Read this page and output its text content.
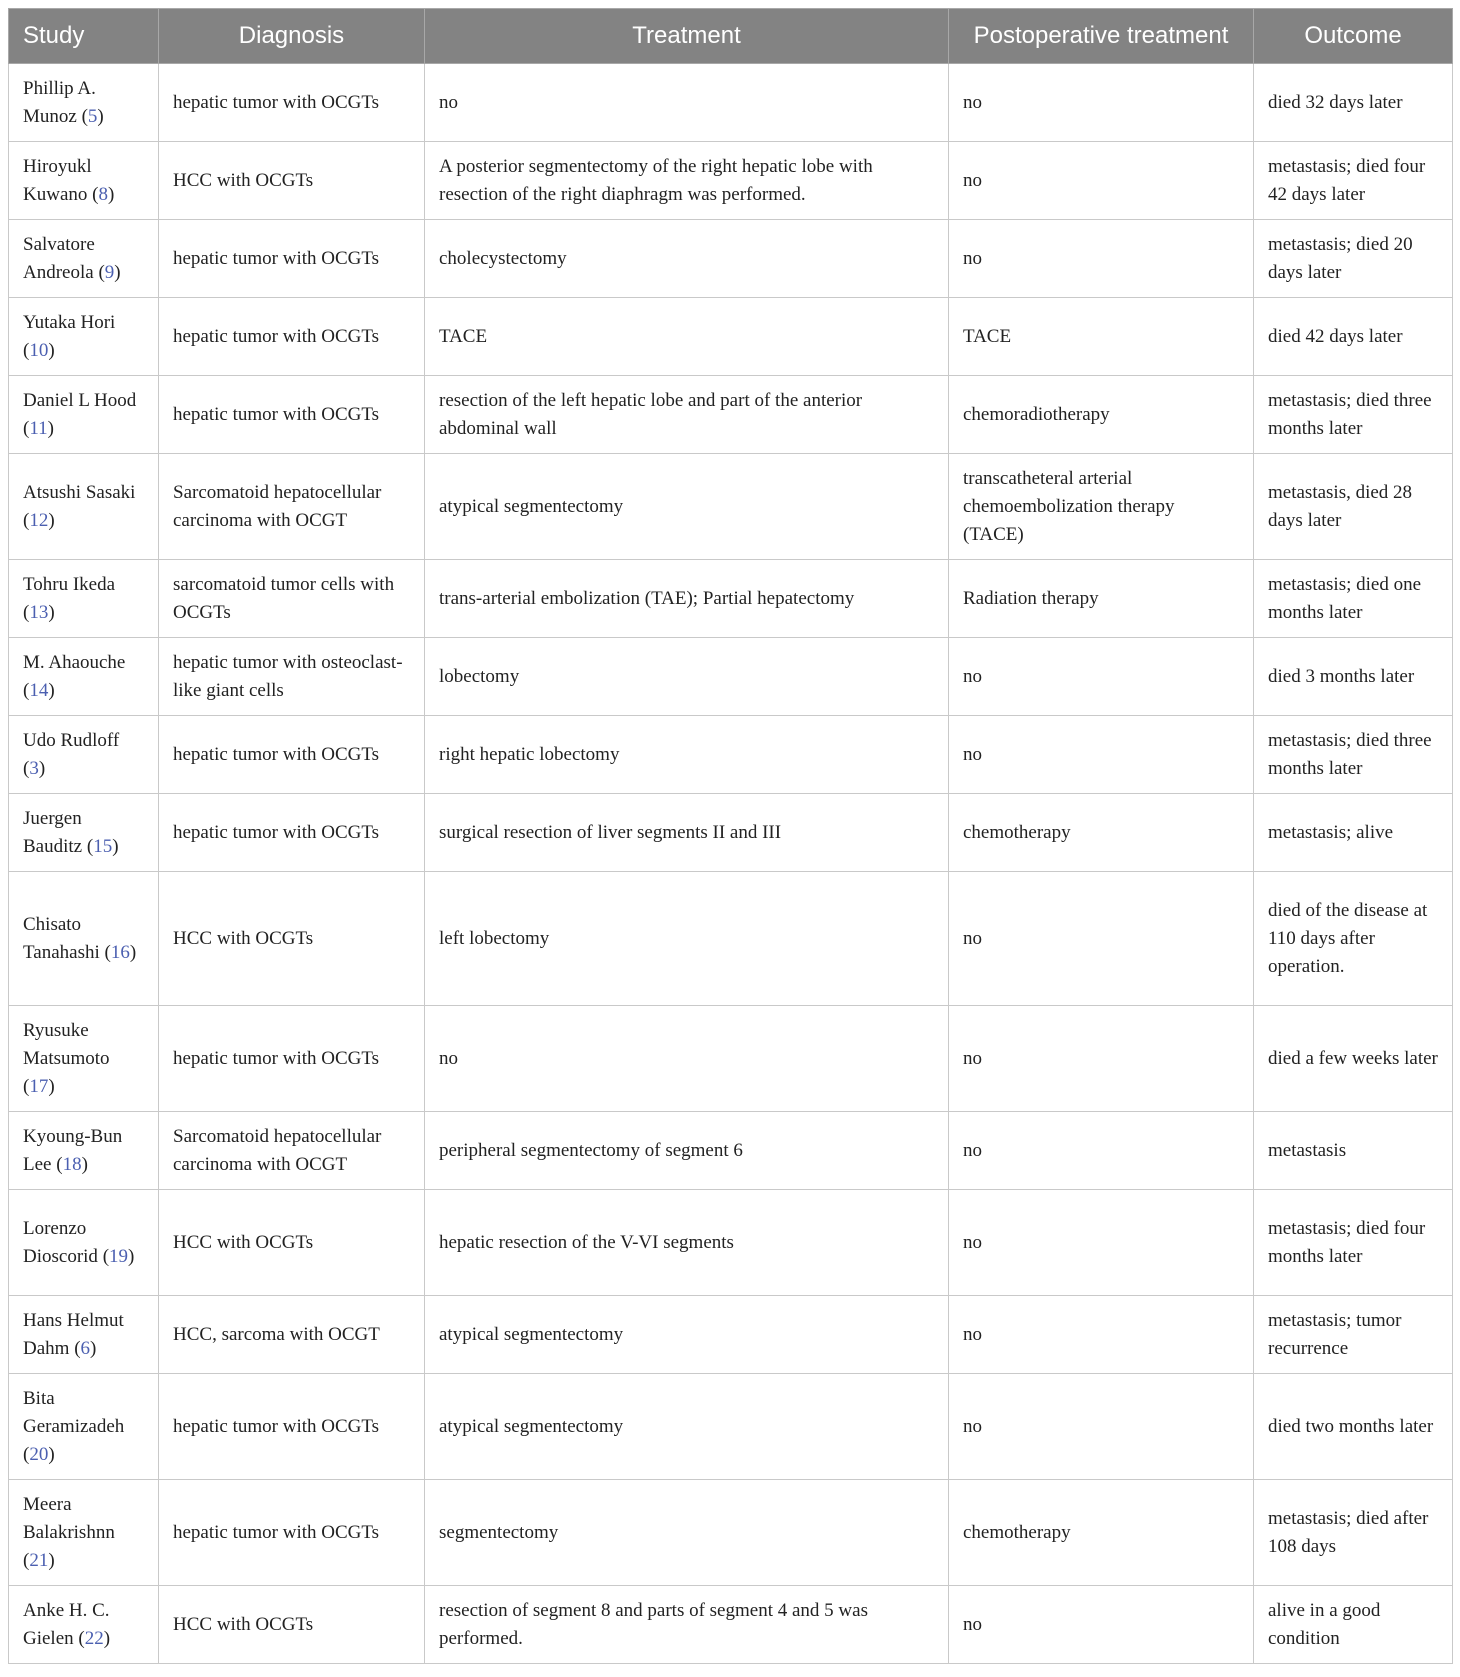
Study	Diagnosis	Treatment	Postoperative treatment	Outcome
Phillip A. Munoz (5)	hepatic tumor with OCGTs	no	no	died 32 days later
Hiroyukl Kuwano (8)	HCC with OCGTs	A posterior segmentectomy of the right hepatic lobe with resection of the right diaphragm was performed.	no	metastasis; died four 42 days later
Salvatore Andreola (9)	hepatic tumor with OCGTs	cholecystectomy	no	metastasis; died 20 days later
Yutaka Hori (10)	hepatic tumor with OCGTs	TACE	TACE	died 42 days later
Daniel L Hood (11)	hepatic tumor with OCGTs	resection of the left hepatic lobe and part of the anterior abdominal wall	chemoradiotherapy	metastasis; died three months later
Atsushi Sasaki (12)	Sarcomatoid hepatocellular carcinoma with OCGT	atypical segmentectomy	transcatheteral arterial chemoembolization therapy (TACE)	metastasis, died 28 days later
Tohru Ikeda (13)	sarcomatoid tumor cells with OCGTs	trans-arterial embolization (TAE); Partial hepatectomy	Radiation therapy	metastasis; died one months later
M. Ahaouche (14)	hepatic tumor with osteoclast-like giant cells	lobectomy	no	died 3 months later
Udo Rudloff (3)	hepatic tumor with OCGTs	right hepatic lobectomy	no	metastasis; died three months later
Juergen Bauditz (15)	hepatic tumor with OCGTs	surgical resection of liver segments II and III	chemotherapy	metastasis; alive
Chisato Tanahashi (16)	HCC with OCGTs	left lobectomy	no	died of the disease at 110 days after operation.
Ryusuke Matsumoto (17)	hepatic tumor with OCGTs	no	no	died a few weeks later
Kyoung-Bun Lee (18)	Sarcomatoid hepatocellular carcinoma with OCGT	peripheral segmentectomy of segment 6	no	metastasis
Lorenzo Dioscorid (19)	HCC with OCGTs	hepatic resection of the V-VI segments	no	metastasis; died four months later
Hans Helmut Dahm (6)	HCC, sarcoma with OCGT	atypical segmentectomy	no	metastasis; tumor recurrence
Bita Geramizadeh (20)	hepatic tumor with OCGTs	atypical segmentectomy	no	died two months later
Meera Balakrishnn (21)	hepatic tumor with OCGTs	segmentectomy	chemotherapy	metastasis; died after 108 days
Anke H. C. Gielen (22)	HCC with OCGTs	resection of segment 8 and parts of segment 4 and 5 was performed.	no	alive in a good condition
